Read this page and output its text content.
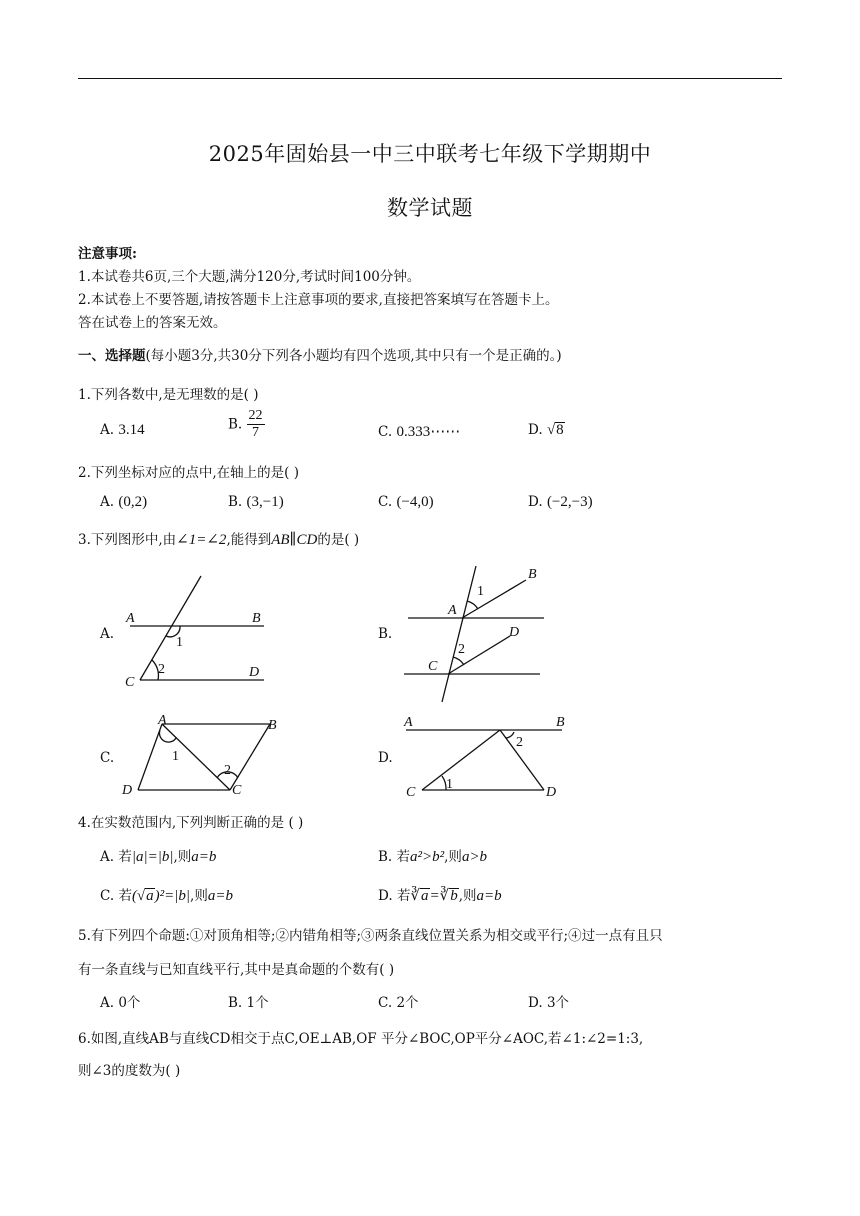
2025年固始县一中三中联考七年级下学期期中
数学试题
注意事项:
1.本试卷共6页,三个大题,满分120分,考试时间100分钟。
2.本试卷上不要答题,请按答题卡上注意事项的要求,直接把答案填写在答题卡上。
答在试卷上的答案无效。
一、选择题(每小题3分,共30分下列各小题均有四个选项,其中只有一个是正确的。)
1.下列各数中,是无理数的是( )
A. 3.14	B. $\frac{22}{7}$	C. 0.333⋯⋯	D. √8
2.下列坐标对应的点中,在轴上的是( )
A. (0,2)	B. (3,−1)	C. (−4,0)	D. (−2,−3)
3.下列图形中,由∠1=∠2,能得到AB∥CD的是( )
A.	B.
C.	D.
A	B
C
D
1
2
B
A
D
C
1
2
A	B
D	C
1
2
A	B
C	D
1
2
4.在实数范围内,下列判断正确的是 ( )
A. 若|a|=|b|,则a=b	B. 若a²>b²,则a>b
C. 若(√a)²=|b|,则a=b	D. 若∛a=∛b,则a=b
5.有下列四个命题:①对顶角相等;②内错角相等;③两条直线位置关系为相交或平行;④过一点有且只
有一条直线与已知直线平行,其中是真命题的个数有( )
A. 0个	B. 1个	C. 2个	D. 3个
6.如图,直线AB与直线CD相交于点C,OE⊥AB,OF 平分∠BOC,OP平分∠AOC,若∠1:∠2=1:3,
则∠3的度数为( )
